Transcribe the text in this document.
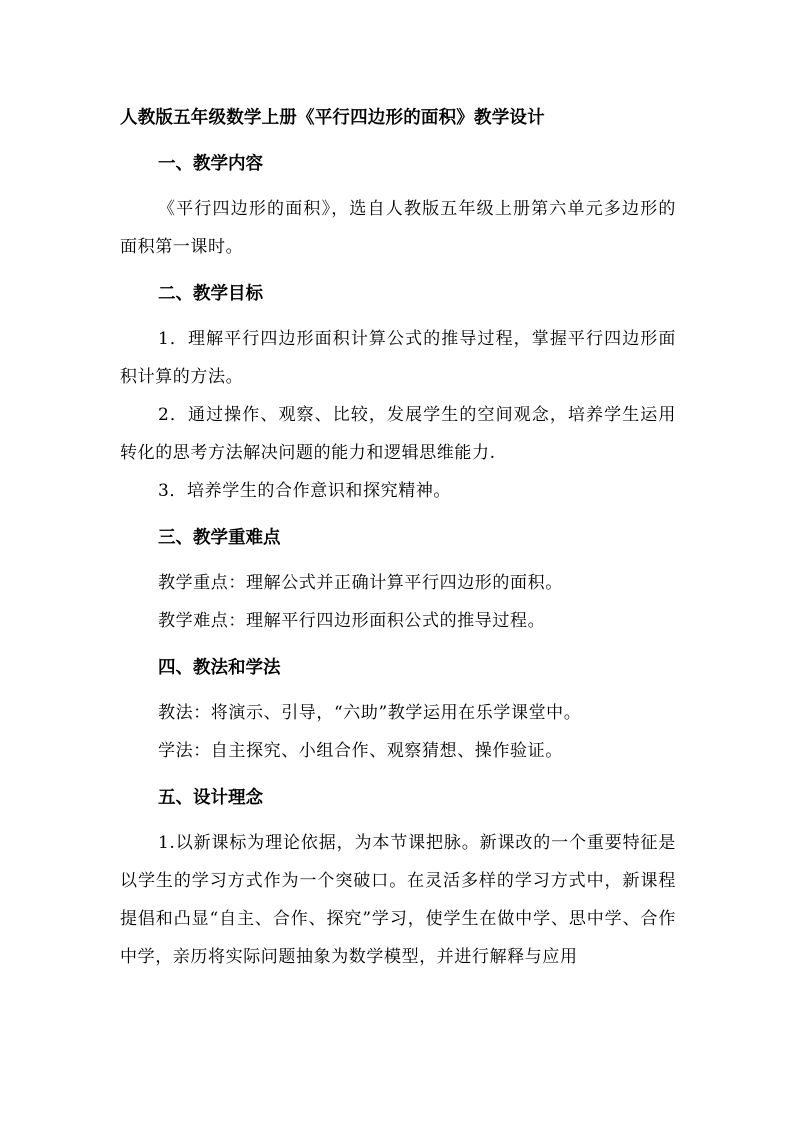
人教版五年级数学上册《平行四边形的面积》教学设计
一、教学内容

《平行四边形的面积》，选自人教版五年级上册第六单元多边形的面积第一课时。

二、教学目标

1．理解平行四边形面积计算公式的推导过程，掌握平行四边形面积计算的方法。

2．通过操作、观察、比较，发展学生的空间观念，培养学生运用转化的思考方法解决问题的能力和逻辑思维能力.

3．培养学生的合作意识和探究精神。

三、教学重难点

教学重点：理解公式并正确计算平行四边形的面积。

教学难点：理解平行四边形面积公式的推导过程。

四、教法和学法

教法：将演示、引导，“六助”教学运用在乐学课堂中。

学法：自主探究、小组合作、观察猜想、操作验证。

五、设计理念

1.以新课标为理论依据，为本节课把脉。新课改的一个重要特征是以学生的学习方式作为一个突破口。在灵活多样的学习方式中，新课程提倡和凸显“自主、合作、探究”学习，使学生在做中学、思中学、合作中学，亲历将实际问题抽象为数学模型，并进行解释与应用
